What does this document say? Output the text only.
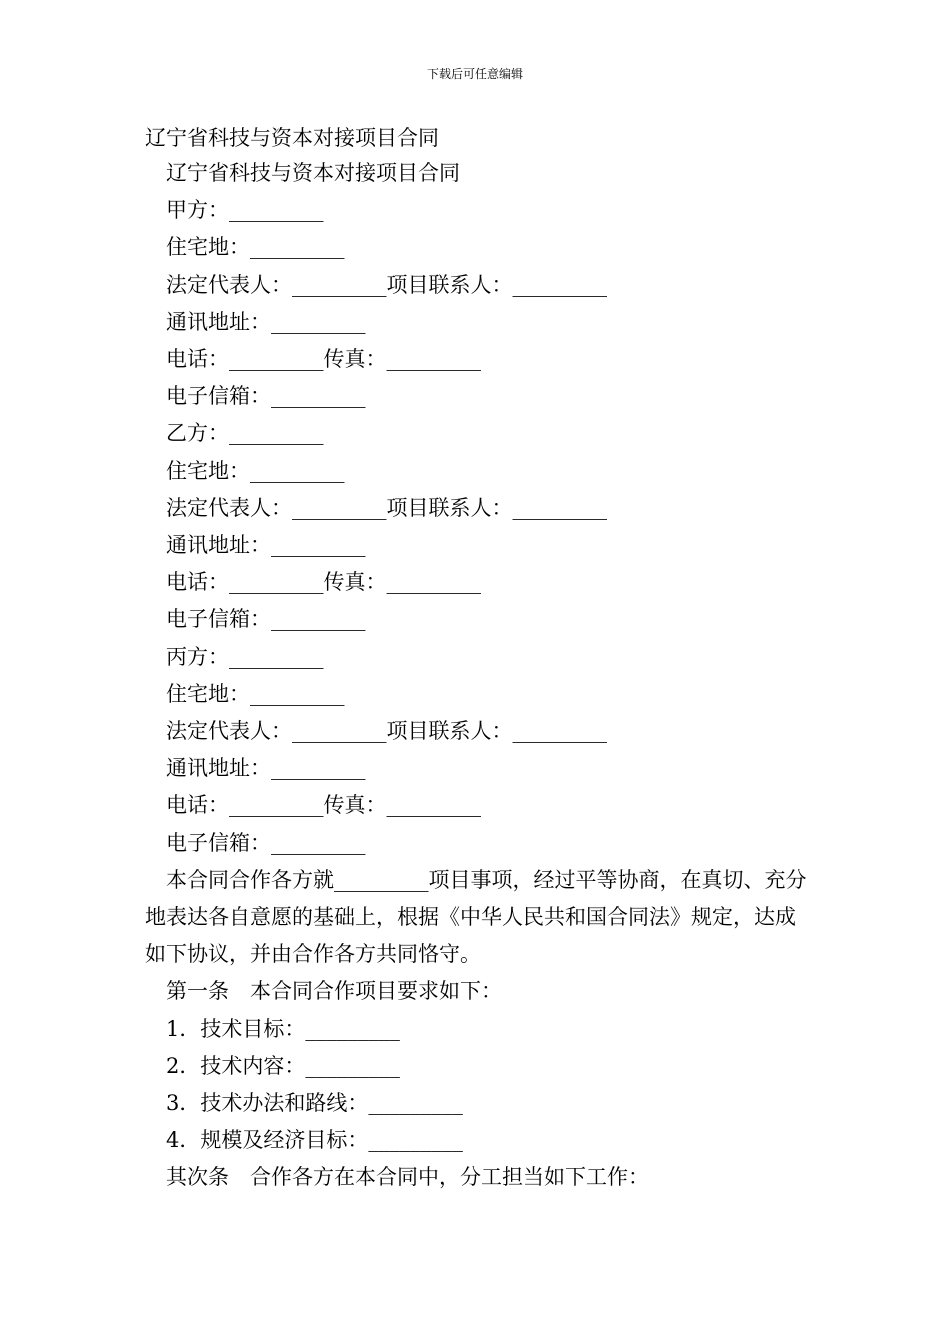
下载后可任意编辑
辽宁省科技与资本对接项目合同
辽宁省科技与资本对接项目合同
甲方：_________
住宅地：_________
法定代表人：_________项目联系人：_________
通讯地址：_________
电话：_________传真：_________
电子信箱：_________
乙方：_________
住宅地：_________
法定代表人：_________项目联系人：_________
通讯地址：_________
电话：_________传真：_________
电子信箱：_________
丙方：_________
住宅地：_________
法定代表人：_________项目联系人：_________
通讯地址：_________
电话：_________传真：_________
电子信箱：_________
本合同合作各方就_________项目事项，经过平等协商，在真切、充分地表达各自意愿的基础上，根据《中华人民共和国合同法》规定，达成如下协议，并由合作各方共同恪守。
第一条　本合同合作项目要求如下：
1．技术目标：_________
2．技术内容：_________
3．技术办法和路线：_________
4．规模及经济目标：_________
其次条　合作各方在本合同中，分工担当如下工作：
